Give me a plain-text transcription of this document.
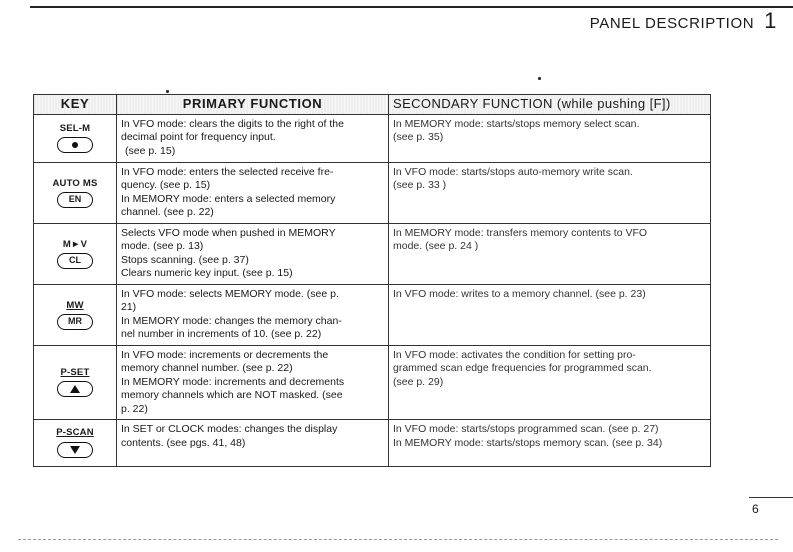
PANEL DESCRIPTION 1
KEY	PRIMARY FUNCTION	SECONDARY FUNCTION (while pushing [F])

SEL-M	In VFO mode: clears the digits to the right of the
decimal point for frequency input.
(see p. 15)	In MEMORY mode: starts/stops memory select scan.
(see p. 35)

AUTO MS
EN	In VFO mode: enters the selected receive fre-
quency. (see p. 15)
In MEMORY mode: enters a selected memory
channel. (see p. 22)	In VFO mode: starts/stops auto-memory write scan.
(see p. 33 )

M►V
CL	Selects VFO mode when pushed in MEMORY
mode. (see p. 13)
Stops scanning. (see p. 37)
Clears numeric key input. (see p. 15)	In MEMORY mode: transfers memory contents to VFO
mode. (see p. 24 )

MW
MR	In VFO mode: selects MEMORY mode. (see p.
21)
In MEMORY mode: changes the memory chan-
nel number in increments of 10. (see p. 22)	In VFO mode: writes to a memory channel. (see p. 23)

P-SET	In VFO mode: increments or decrements the
memory channel number. (see p. 22)
In MEMORY mode: increments and decrements
memory channels which are NOT masked. (see
p. 22)	In VFO mode: activates the condition for setting pro-
grammed scan edge frequencies for programmed scan.
(see p. 29)

P-SCAN	In SET or CLOCK modes: changes the display
contents. (see pgs. 41, 48)	In VFO mode: starts/stops programmed scan. (see p. 27)
In MEMORY mode: starts/stops memory scan. (see p. 34)
6
